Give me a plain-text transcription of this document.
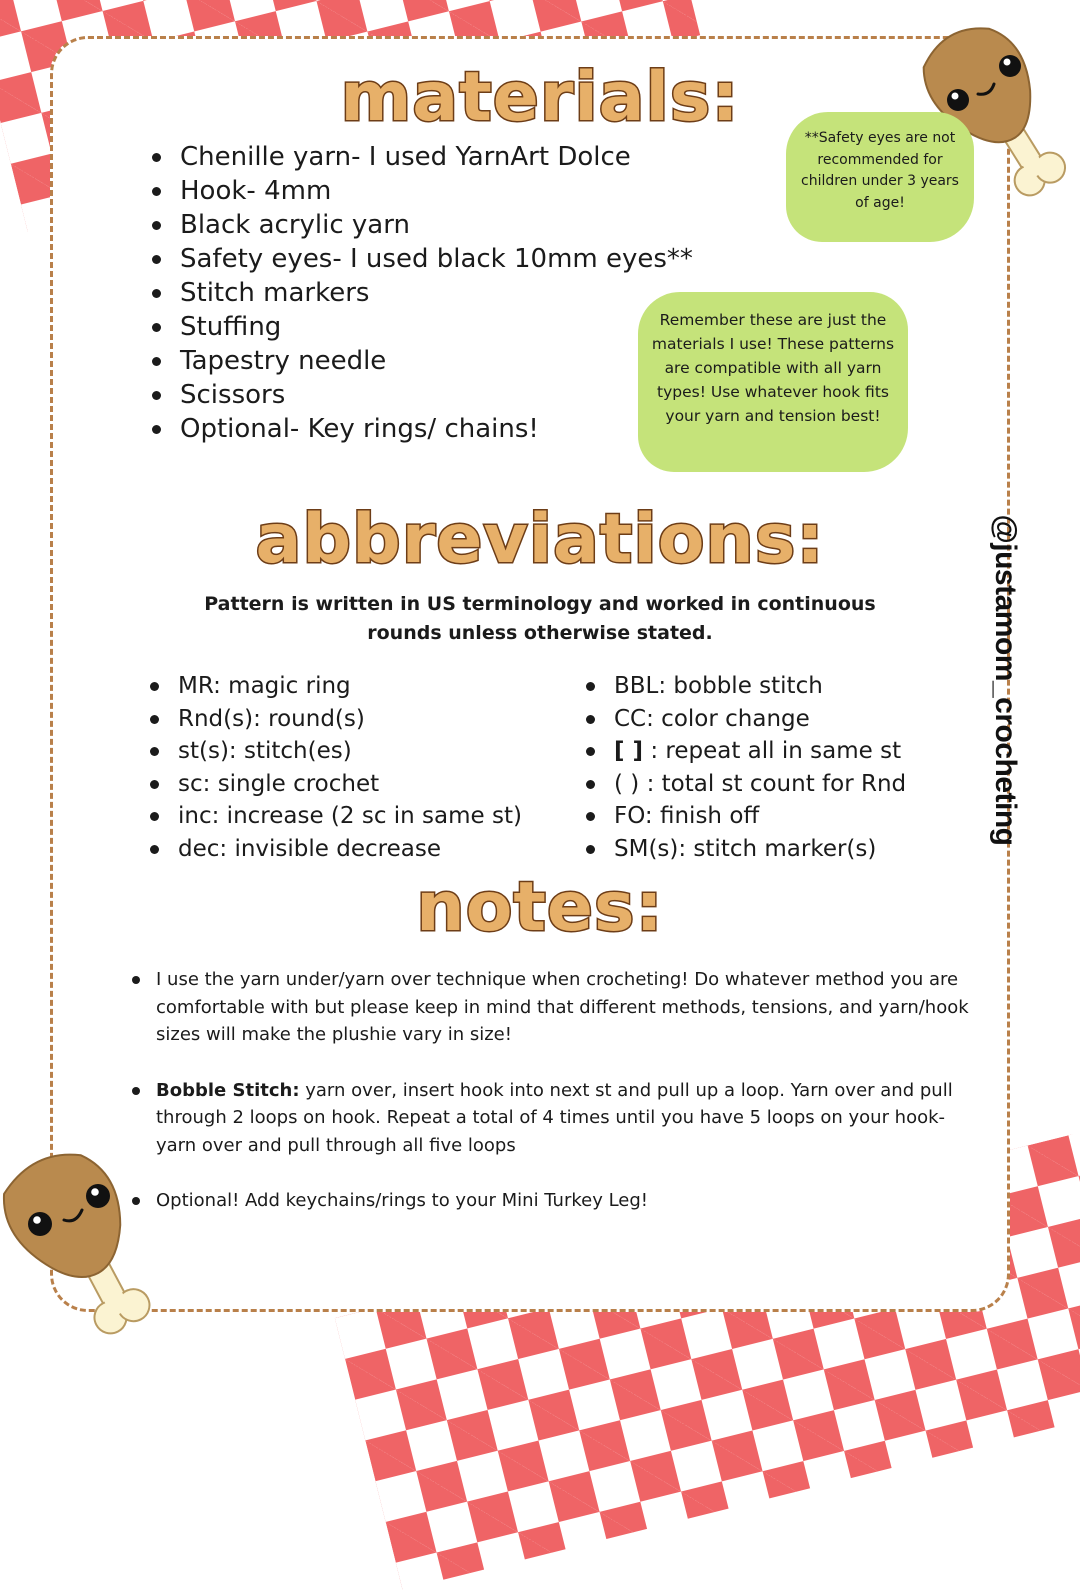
materials:
Chenille yarn- I used YarnArt Dolce
Hook- 4mm
Black acrylic yarn
Safety eyes- I used black 10mm eyes**
Stitch markers
Stuffing
Tapestry needle
Scissors
Optional- Key rings/ chains!
**Safety eyes are not recommended for children under 3 years of age!
Remember these are just the materials I use! These patterns are compatible with all yarn types! Use whatever hook fits your yarn and tension best!
abbreviations:
Pattern is written in US terminology and worked in continuous rounds unless otherwise stated.
MR: magic ring
Rnd(s): round(s)
st(s): stitch(es)
sc: single crochet
inc: increase (2 sc in same st)
dec: invisible decrease
BBL: bobble stitch
CC: color change
[ ] : repeat all in same st
( ) : total st count for Rnd
FO: finish off
SM(s): stitch marker(s)
notes:
I use the yarn under/yarn over technique when crocheting! Do whatever method you are comfortable with but please keep in mind that different methods, tensions, and yarn/hook sizes will make the plushie vary in size!
Bobble Stitch: yarn over, insert hook into next st and pull up a loop. Yarn over and pull through 2 loops on hook. Repeat a total of 4 times until you have 5 loops on your hook- yarn over and pull through all five loops
Optional! Add keychains/rings to your Mini Turkey Leg!
@justamom_crocheting
